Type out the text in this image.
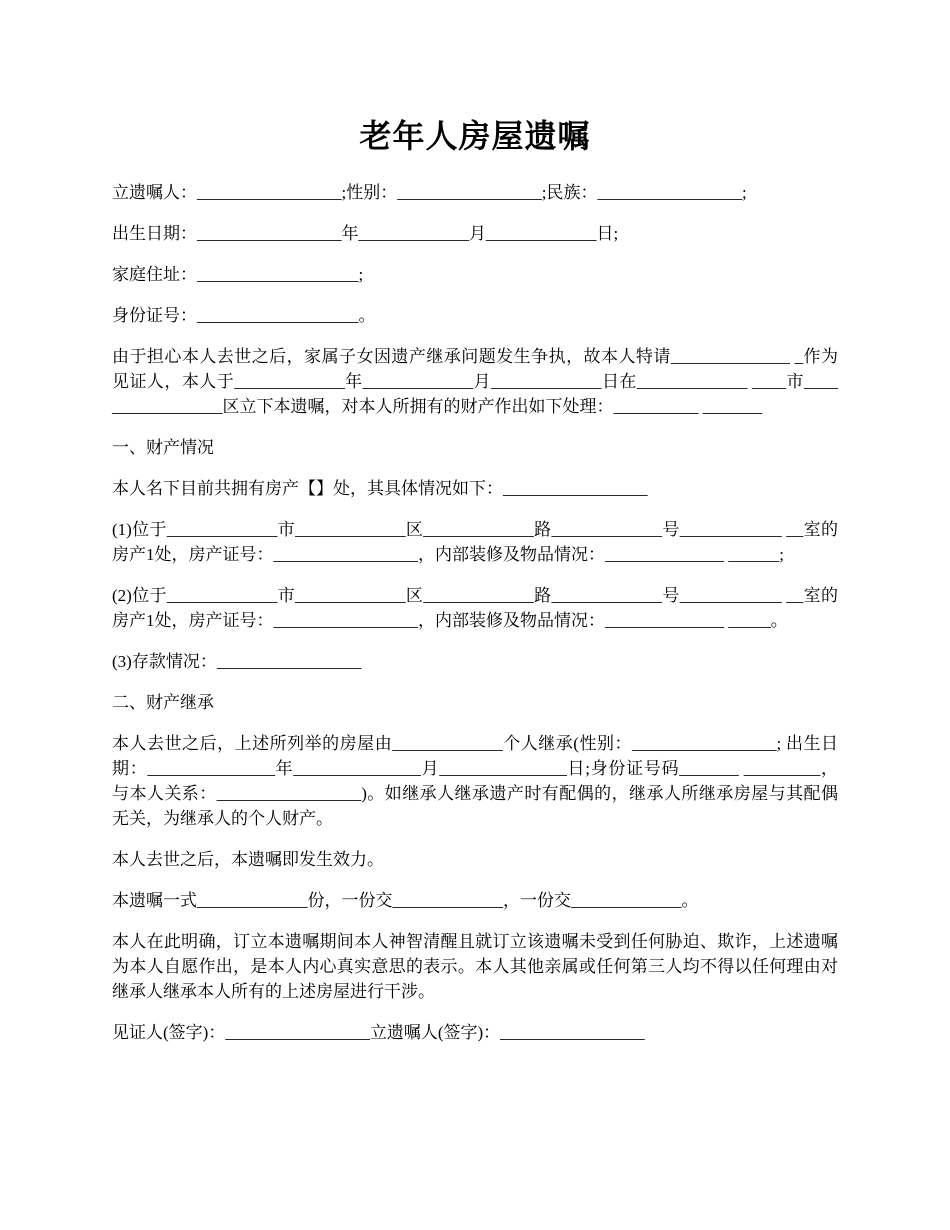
老年人房屋遗嘱

立遗嘱人：_________________;性别：_________________;民族：_________________;

出生日期：_________________年_____________月_____________日;

家庭住址：___________________;

身份证号：___________________。

由于担心本人去世之后，家属子女因遗产继承问题发生争执，故本人特请______________ _作为见证人，本人于_____________年_____________月_____________日在_____________ ____市_________________区立下本遗嘱，对本人所拥有的财产作出如下处理：__________ _______

一、财产情况

本人名下目前共拥有房产【】处，其具体情况如下：_________________

(1)位于_____________市_____________区_____________路_____________号____________ __室的房产1处，房产证号：_________________，内部装修及物品情况：______________ ______;

(2)位于_____________市_____________区_____________路_____________号____________ __室的房产1处，房产证号：_________________，内部装修及物品情况：______________ _____。

(3)存款情况：_________________

二、财产继承

本人去世之后，上述所列举的房屋由_____________个人继承(性别：_________________; 出生日期：_______________年_______________月_______________日;身份证号码_______ _________，与本人关系：_________________)。如继承人继承遗产时有配偶的，继承人所继承房屋与其配偶无关，为继承人的个人财产。

本人去世之后，本遗嘱即发生效力。

本遗嘱一式_____________份，一份交_____________，一份交_____________。

本人在此明确，订立本遗嘱期间本人神智清醒且就订立该遗嘱未受到任何胁迫、欺诈，上述遗嘱为本人自愿作出，是本人内心真实意思的表示。本人其他亲属或任何第三人均不得以任何理由对继承人继承本人所有的上述房屋进行干涉。

见证人(签字)：_________________立遗嘱人(签字)：_________________
